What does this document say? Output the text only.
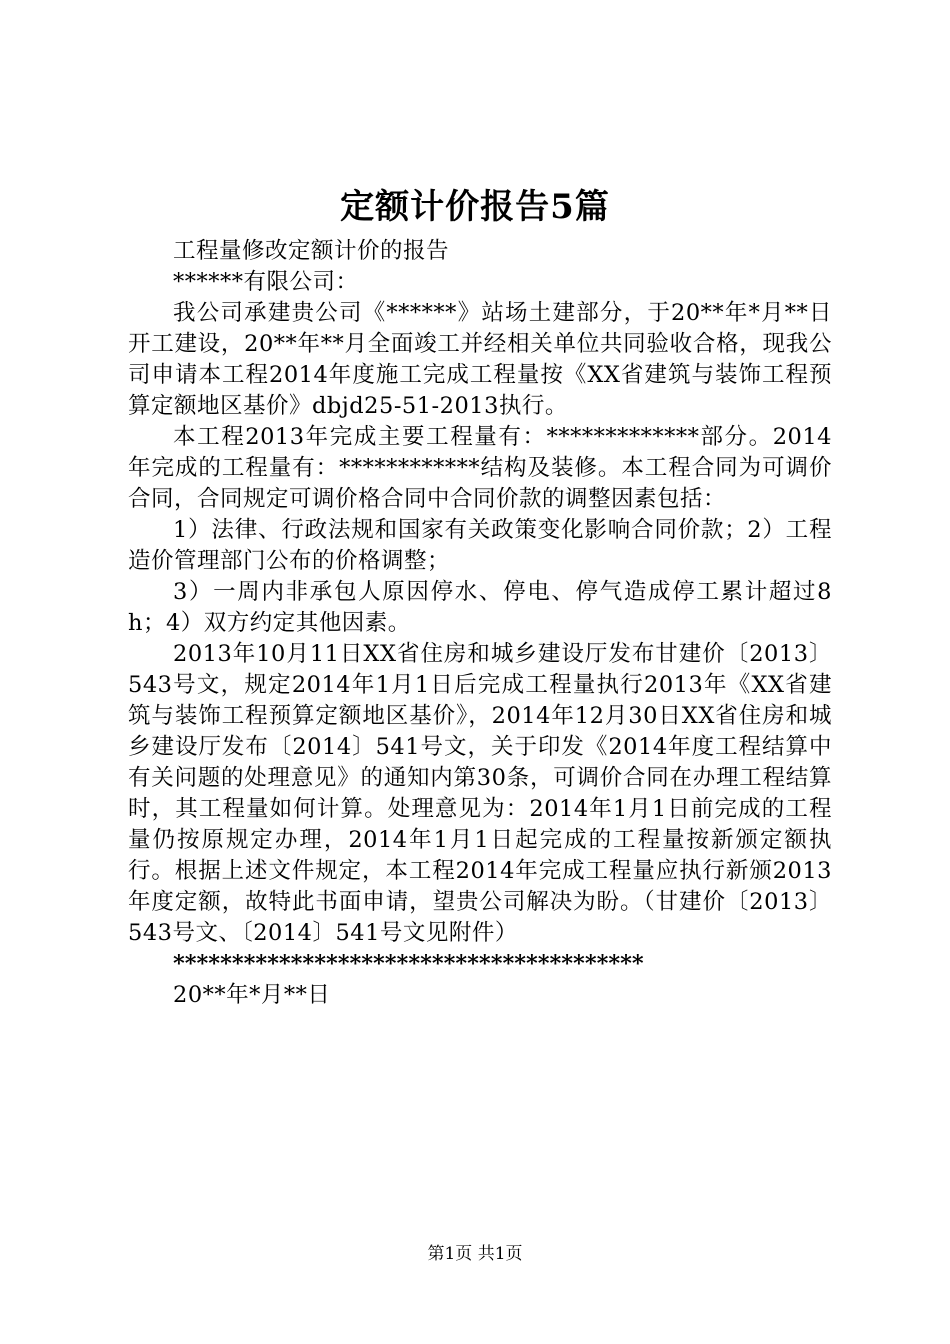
定额计价报告5篇

工程量修改定额计价的报告

******有限公司：

我公司承建贵公司《******》站场土建部分，于20**年*月**日开工建设，20**年**月全面竣工并经相关单位共同验收合格，现我公司申请本工程2014年度施工完成工程量按《XX省建筑与装饰工程预算定额地区基价》dbjd25-51-2013执行。

本工程2013年完成主要工程量有：*************部分。2014年完成的工程量有：************结构及装修。本工程合同为可调价合同，合同规定可调价格合同中合同价款的调整因素包括：

1）法律、行政法规和国家有关政策变化影响合同价款；2）工程造价管理部门公布的价格调整；

3）一周内非承包人原因停水、停电、停气造成停工累计超过8h；4）双方约定其他因素。

2013年10月11日XX省住房和城乡建设厅发布甘建价〔2013〕543号文，规定2014年1月1日后完成工程量执行2013年《XX省建筑与装饰工程预算定额地区基价》，2014年12月30日XX省住房和城乡建设厅发布〔2014〕541号文，关于印发《2014年度工程结算中有关问题的处理意见》的通知内第30条，可调价合同在办理工程结算时，其工程量如何计算。处理意见为：2014年1月1日前完成的工程量仍按原规定办理，2014年1月1日起完成的工程量按新颁定额执行。根据上述文件规定，本工程2014年完成工程量应执行新颁2013年度定额，故特此书面申请，望贵公司解决为盼。（甘建价〔2013〕543号文、〔2014〕541号文见附件）

****************************************

20**年*月**日

第1页 共1页
